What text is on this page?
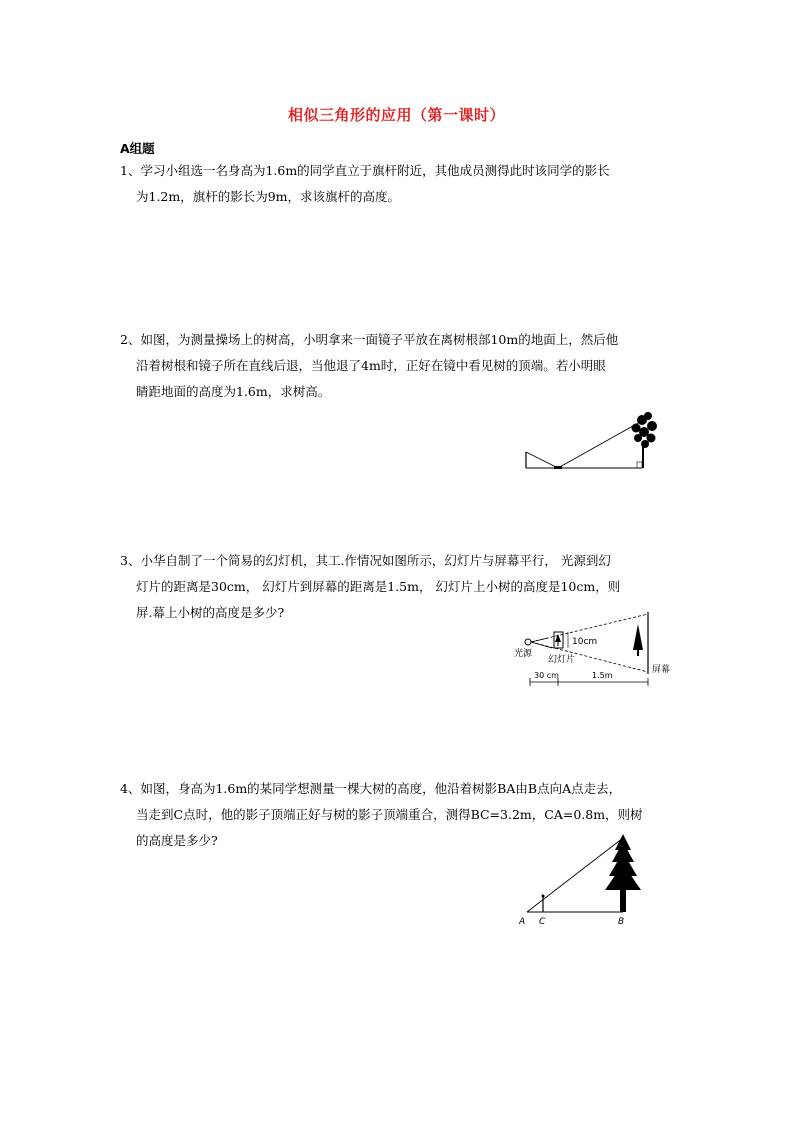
相似三角形的应用（第一课时）
A组题

1、学习小组选一名身高为1.6m的同学直立于旗杆附近，其他成员测得此时该同学的影长

为1.2m，旗杆的影长为9m，求该旗杆的高度。

2、如图，为测量操场上的树高，小明拿来一面镜子平放在离树根部10m的地面上，然后他

沿着树根和镜子所在直线后退，当他退了4m时，正好在镜中看见树的顶端。若小明眼

睛距地面的高度为1.6m，求树高。

3、小华自制了一个简易的幻灯机，其工.作情况如图所示，幻灯片与屏幕平行， 光源到幻

灯片的距离是30cm， 幻灯片到屏幕的距离是1.5m， 幻灯片上小树的高度是10cm，则

屏.幕上小树的高度是多少?

10cm
光源
幻灯片
屏幕
30 cm	1.5m

4、如图，身高为1.6m的某同学想测量一棵大树的高度，他沿着树影BA由B点向A点走去，

当走到C点时，他的影子顶端正好与树的影子顶端重合，测得BC=3.2m，CA=0.8m，则树

的高度是多少?

A C	B
